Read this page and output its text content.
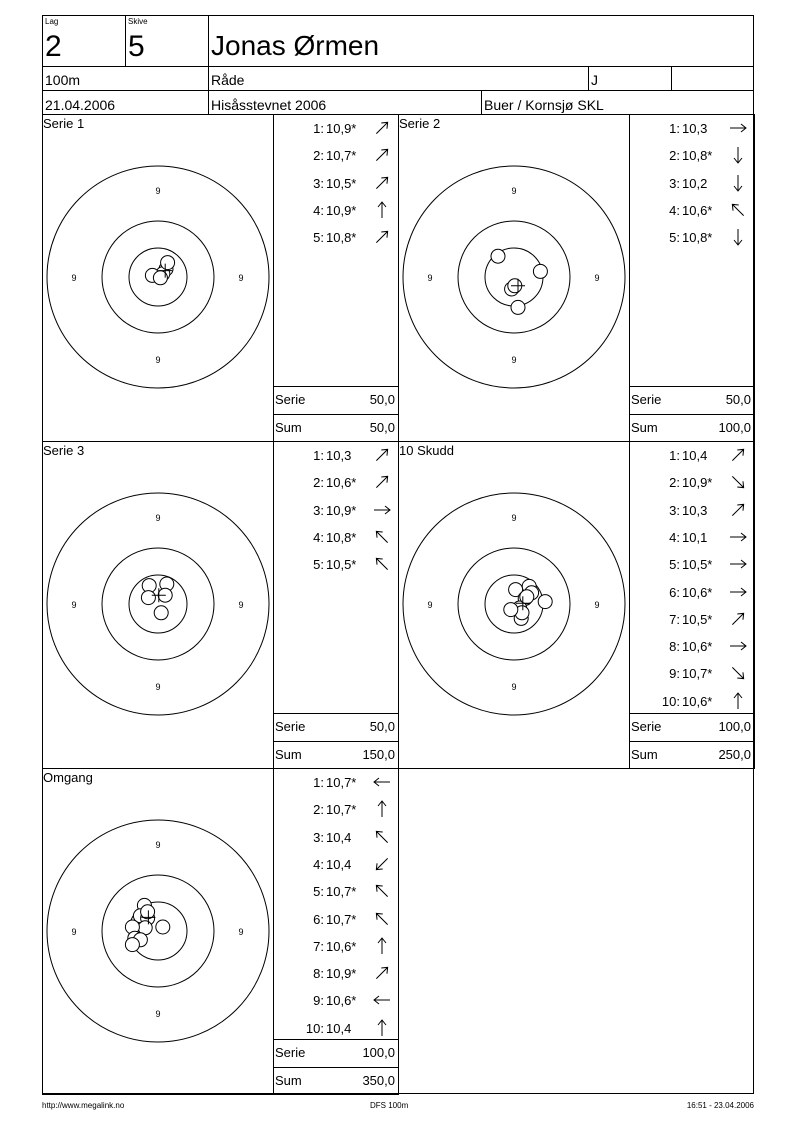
Lag
2
Skive
5 Jonas Ørmen
100m	Råde	J
21.04.2006	Hisåsstevnet 2006	Buer / Kornsjø SKL
Serie 1
9
9
9	9
1: 10,9*
2: 10,7*
3: 10,5*
4: 10,9*
5: 10,8*
Serie	50,0
Sum	50,0
Serie 2
9
9
9	9
1: 10,3
2: 10,8*
3: 10,2
4: 10,6*
5: 10,8*
Serie	50,0
Sum	100,0
Serie 3
9
9
9	9
1: 10,3
2: 10,6*
3: 10,9*
4: 10,8*
5: 10,5*
Serie	50,0
Sum	150,0
10 Skudd
9
9
9	9
1: 10,4
2: 10,9*
3: 10,3
4: 10,1
5: 10,5*
6: 10,6*
7: 10,5*
8: 10,6*
9: 10,7*
10: 10,6*
Serie	100,0
Sum	250,0
Omgang
9
9
9	9
1: 10,7*
2: 10,7*
3: 10,4
4: 10,4
5: 10,7*
6: 10,7*
7: 10,6*
8: 10,9*
9: 10,6*
10: 10,4
Serie	100,0
Sum	350,0
http://www.megalink.no	DFS 100m	16:51 - 23.04.2006
